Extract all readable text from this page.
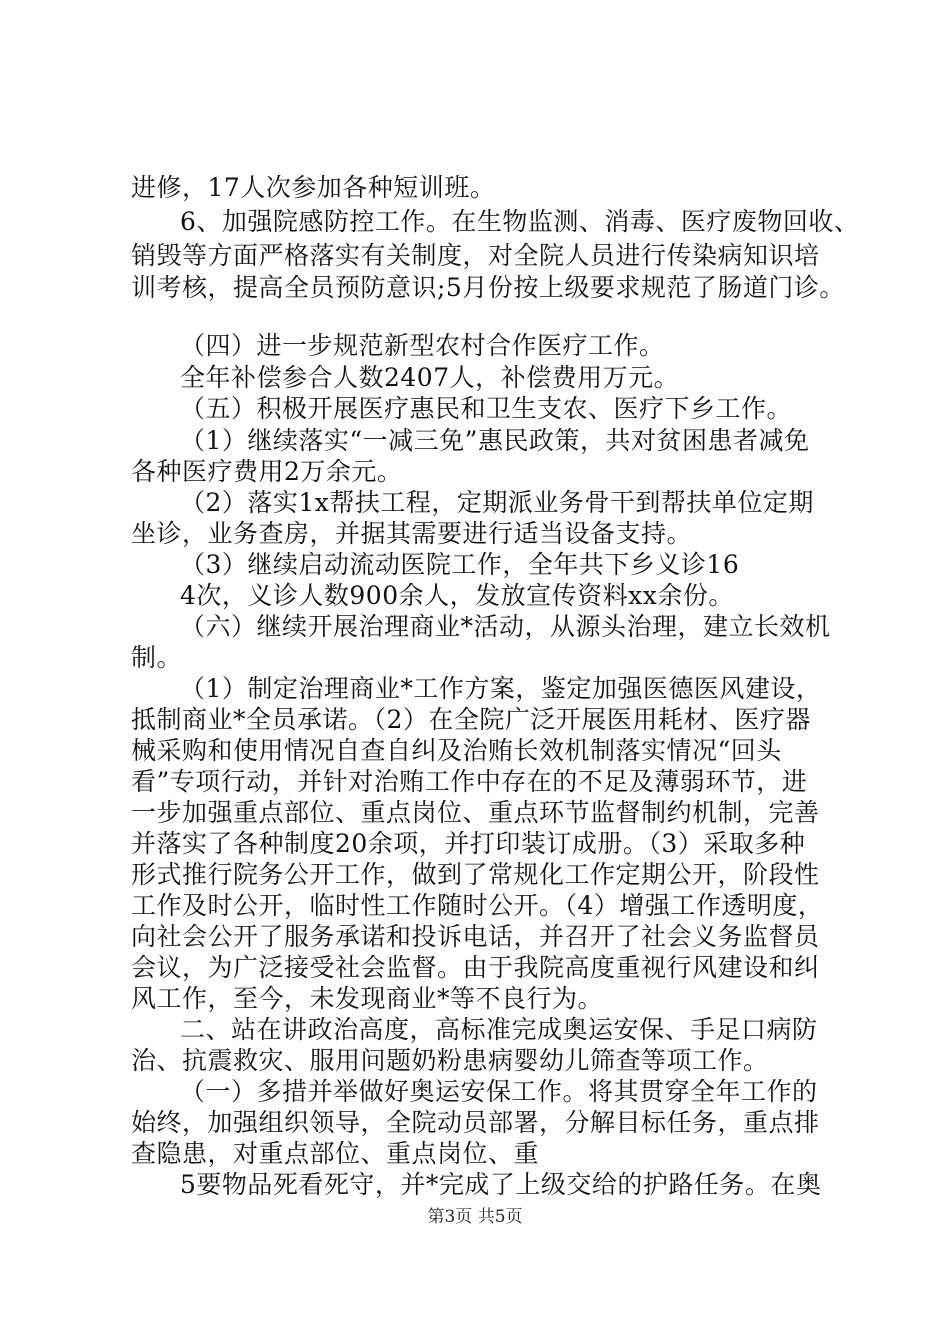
进修，17人次参加各种短训班。
6、加强院感防控工作。在生物监测、消毒、医疗废物回收、
销毁等方面严格落实有关制度，对全院人员进行传染病知识培
训考核，提高全员预防意识;5月份按上级要求规范了肠道门诊。
（四）进一步规范新型农村合作医疗工作。
全年补偿参合人数2407人，补偿费用万元。
（五）积极开展医疗惠民和卫生支农、医疗下乡工作。
（1）继续落实“一减三免”惠民政策，共对贫困患者减免
各种医疗费用2万余元。
（2）落实1x帮扶工程，定期派业务骨干到帮扶单位定期
坐诊，业务查房，并据其需要进行适当设备支持。
（3）继续启动流动医院工作，全年共下乡义诊16
4次，义诊人数900余人，发放宣传资料xx余份。
（六）继续开展治理商业*活动，从源头治理，建立长效机
制。
（1）制定治理商业*工作方案，鉴定加强医德医风建设，
抵制商业*全员承诺。（2）在全院广泛开展医用耗材、医疗器
械采购和使用情况自查自纠及治贿长效机制落实情况“回头
看”专项行动，并针对治贿工作中存在的不足及薄弱环节，进
一步加强重点部位、重点岗位、重点环节监督制约机制，完善
并落实了各种制度20余项，并打印装订成册。（3）采取多种
形式推行院务公开工作，做到了常规化工作定期公开，阶段性
工作及时公开，临时性工作随时公开。（4）增强工作透明度，
向社会公开了服务承诺和投诉电话，并召开了社会义务监督员
会议，为广泛接受社会监督。由于我院高度重视行风建设和纠
风工作，至今，未发现商业*等不良行为。
二、站在讲政治高度，高标准完成奥运安保、手足口病防
治、抗震救灾、服用问题奶粉患病婴幼儿筛查等项工作。
（一）多措并举做好奥运安保工作。将其贯穿全年工作的
始终，加强组织领导，全院动员部署，分解目标任务，重点排
查隐患，对重点部位、重点岗位、重
5要物品死看死守，并*完成了上级交给的护路任务。在奥
第3页 共5页
